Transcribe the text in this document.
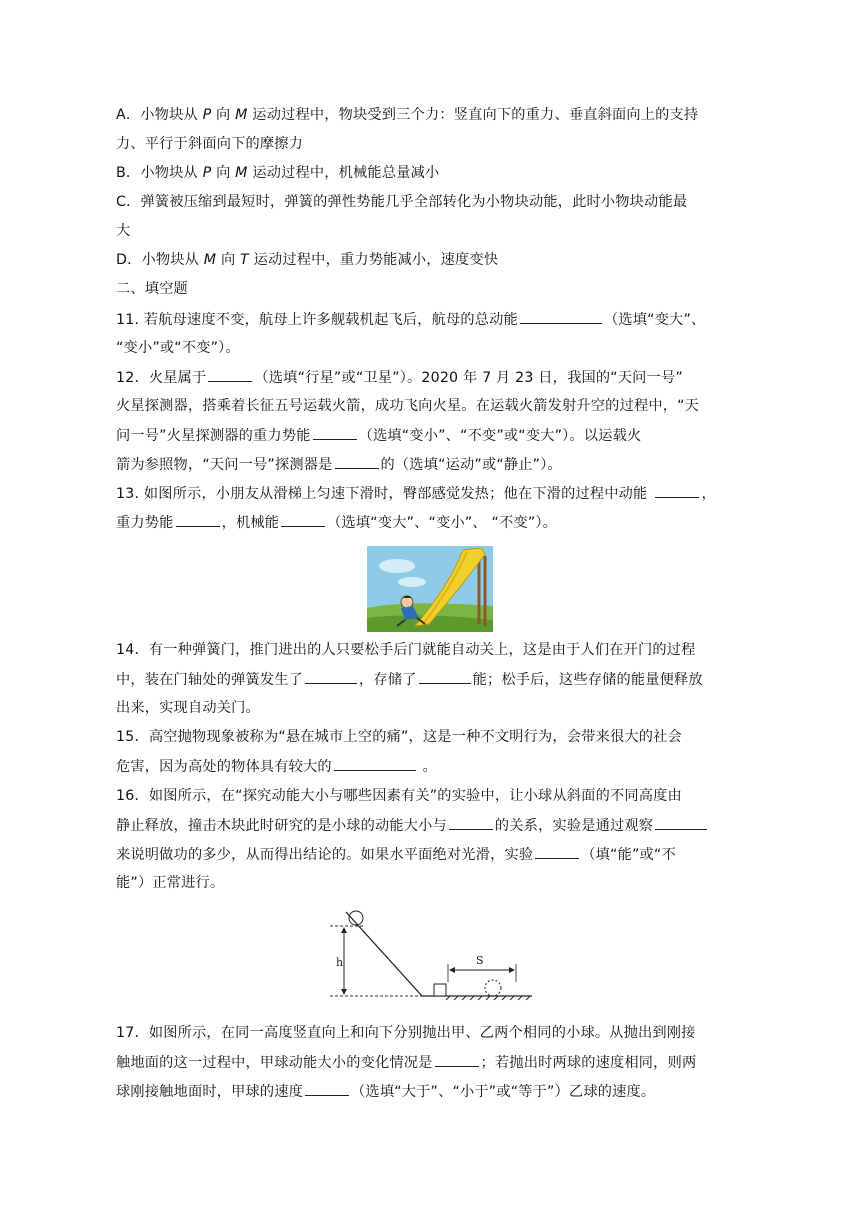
A．小物块从 P 向 M 运动过程中，物块受到三个力：竖直向下的重力、垂直斜面向上的支持
力、平行于斜面向下的摩擦力
B．小物块从 P 向 M 运动过程中，机械能总量减小
C．弹簧被压缩到最短时，弹簧的弹性势能几乎全部转化为小物块动能，此时小物块动能最
大
D．小物块从 M 向 T 运动过程中，重力势能减小，速度变快
二、填空题
11. 若航母速度不变，航母上许多舰载机起飞后，航母的总动能	（选填“变大”、
“变小”或“不变”）。
12．火星属于	（选填“行星”或“卫星”）。2020 年 7 月 23 日，我国的“天问一号”
火星探测器，搭乘着长征五号运载火箭，成功飞向火星。在运载火箭发射升空的过程中，“天
问一号”火星探测器的重力势能	（选填“变小”、“不变”或“变大”）。以运载火
箭为参照物，“天问一号”探测器是	的（选填“运动”或“静止”）。
13. 如图所示，小朋友从滑梯上匀速下滑时，臀部感觉发热；他在下滑的过程中动能	，
重力势能	，机械能	（选填“变大”、“变小”、 “不变”）。
14．有一种弹簧门，推门进出的人只要松手后门就能自动关上，这是由于人们在开门的过程
中，装在门轴处的弹簧发生了	，存储了	能；松手后，这些存储的能量便释放
出来，实现自动关门。
15．高空抛物现象被称为“悬在城市上空的痛”，这是一种不文明行为，会带来很大的社会
危害，因为高处的物体具有较大的	。
16．如图所示，在“探究动能大小与哪些因素有关”的实验中，让小球从斜面的不同高度由
静止释放，撞击木块此时研究的是小球的动能大小与	的关系，实验是通过观察
来说明做功的多少，从而得出结论的。如果水平面绝对光滑，实验	（填“能”或“不
能”）正常进行。
h	S
17．如图所示，在同一高度竖直向上和向下分别抛出甲、乙两个相同的小球。从抛出到刚接
触地面的这一过程中，甲球动能大小的变化情况是	；若抛出时两球的速度相同，则两
球刚接触地面时，甲球的速度	（选填“大于”、“小于”或“等于”）乙球的速度。
